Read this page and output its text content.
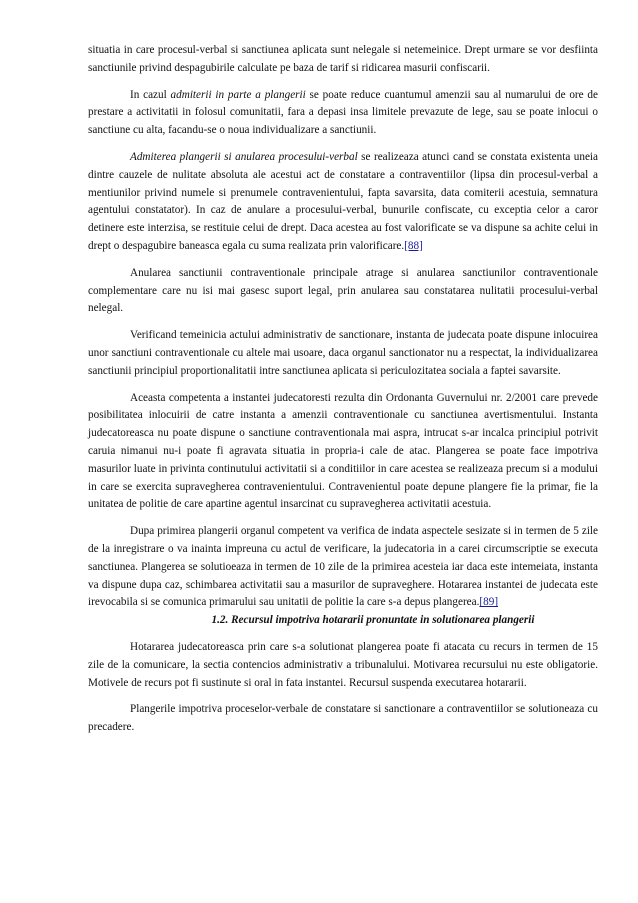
situatia in care procesul-verbal si sanctiunea aplicata sunt nelegale si netemeinice. Drept urmare se vor desfiinta sanctiunile privind despagubirile calculate pe baza de tarif si ridicarea masurii confiscarii.

In cazul admiterii in parte a plangerii se poate reduce cuantumul amenzii sau al numarului de ore de prestare a activitatii in folosul comunitatii, fara a depasi insa limitele prevazute de lege, sau se poate inlocui o sanctiune cu alta, facandu-se o noua individualizare a sanctiunii.

Admiterea plangerii si anularea procesului-verbal se realizeaza atunci cand se constata existenta uneia dintre cauzele de nulitate absoluta ale acestui act de constatare a contraventiilor (lipsa din procesul-verbal a mentiunilor privind numele si prenumele contravenientului, fapta savarsita, data comiterii acestuia, semnatura agentului constatator). In caz de anulare a procesului-verbal, bunurile confiscate, cu exceptia celor a caror detinere este interzisa, se restituie celui de drept. Daca acestea au fost valorificate se va dispune sa achite celui in drept o despagubire baneasca egala cu suma realizata prin valorificare.[88]

Anularea sanctiunii contraventionale principale atrage si anularea sanctiunilor contraventionale complementare care nu isi mai gasesc suport legal, prin anularea sau constatarea nulitatii procesului-verbal nelegal.

Verificand temeinicia actului administrativ de sanctionare, instanta de judecata poate dispune inlocuirea unor sanctiuni contraventionale cu altele mai usoare, daca organul sanctionator nu a respectat, la individualizarea sanctiunii principiul proportionalitatii intre sanctiunea aplicata si periculozitatea sociala a faptei savarsite.

Aceasta competenta a instantei judecatoresti rezulta din Ordonanta Guvernului nr. 2/2001 care prevede posibilitatea inlocuirii de catre instanta a amenzii contraventionale cu sanctiunea avertismentului. Instanta judecatoreasca nu poate dispune o sanctiune contraventionala mai aspra, intrucat s-ar incalca principiul potrivit caruia nimanui nu-i poate fi agravata situatia in propria-i cale de atac. Plangerea se poate face impotriva masurilor luate in privinta continutului activitatii si a conditiilor in care acestea se realizeaza precum si a modului in care se exercita supravegherea contravenientului. Contravenientul poate depune plangere fie la primar, fie la unitatea de politie de care apartine agentul insarcinat cu supravegherea activitatii acestuia.

Dupa primirea plangerii organul competent va verifica de indata aspectele sesizate si in termen de 5 zile de la inregistrare o va inainta impreuna cu actul de verificare, la judecatoria in a carei circumscriptie se executa sanctiunea. Plangerea se solutioeaza in termen de 10 zile de la primirea acesteia iar daca este intemeiata, instanta va dispune dupa caz, schimbarea activitatii sau a masurilor de supraveghere. Hotararea instantei de judecata este irevocabila si se comunica primarului sau unitatii de politie la care s-a depus plangerea.[89]

1.2. Recursul impotriva hotararii pronuntate in solutionarea plangerii

Hotararea judecatoreasca prin care s-a solutionat plangerea poate fi atacata cu recurs in termen de 15 zile de la comunicare, la sectia contencios administrativ a tribunalului. Motivarea recursului nu este obligatorie. Motivele de recurs pot fi sustinute si oral in fata instantei. Recursul suspenda executarea hotararii.

Plangerile impotriva proceselor-verbale de constatare si sanctionare a contraventiilor se solutioneaza cu precadere.
